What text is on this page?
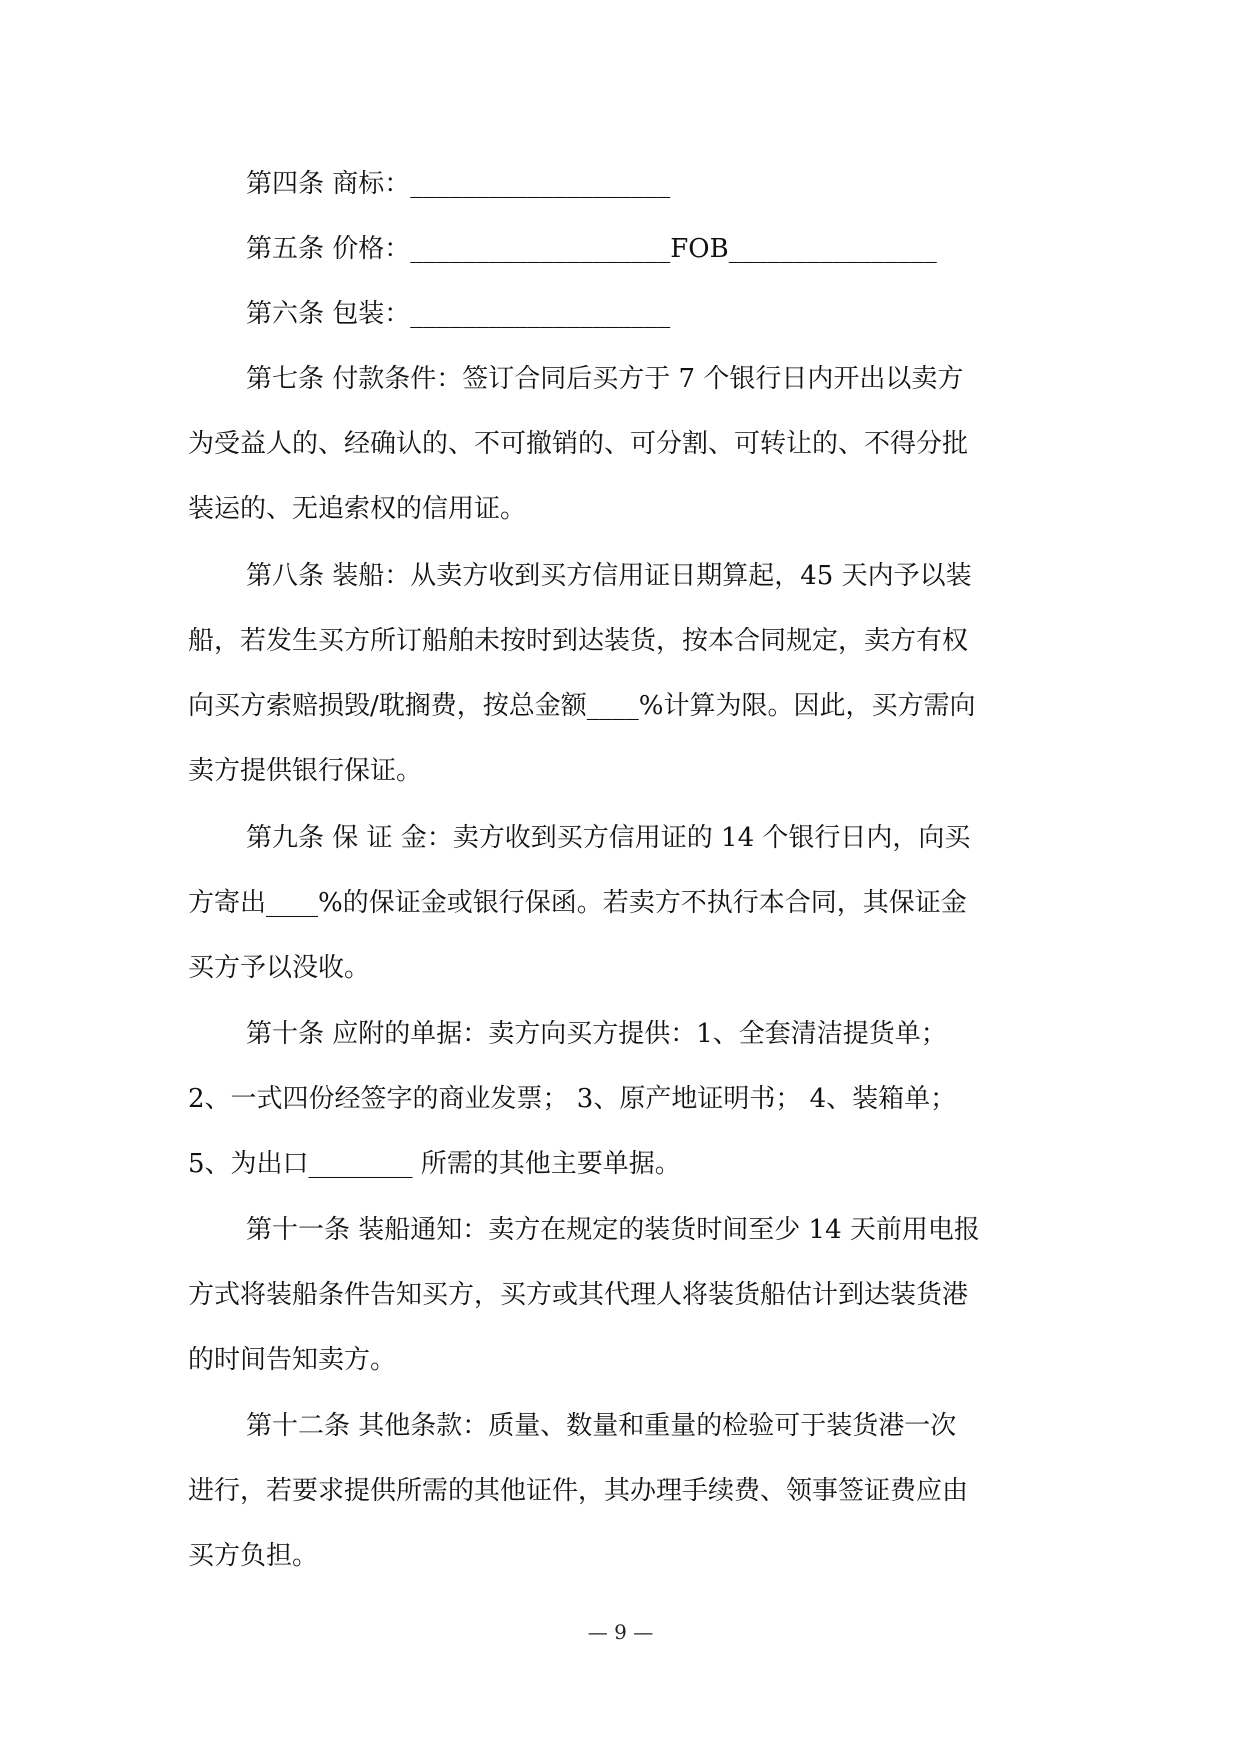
第四条 商标：____________________

第五条 价格：____________________FOB________________

第六条 包装：____________________

第七条 付款条件：签订合同后买方于 7 个银行日内开出以卖方
为受益人的、经确认的、不可撤销的、可分割、可转让的、不得分批
装运的、无追索权的信用证。
第八条 装船：从卖方收到买方信用证日期算起，45 天内予以装
船，若发生买方所订船舶未按时到达装货，按本合同规定，卖方有权
向买方索赔损毁/耽搁费，按总金额____%计算为限。因此，买方需向
卖方提供银行保证。
第九条 保 证 金：卖方收到买方信用证的 14 个银行日内，向买
方寄出____%的保证金或银行保函。若卖方不执行本合同，其保证金
买方予以没收。
第十条 应附的单据：卖方向买方提供：1、全套清洁提货单；
2、一式四份经签字的商业发票； 3、原产地证明书； 4、装箱单；
5、为出口________ 所需的其他主要单据。
第十一条 装船通知：卖方在规定的装货时间至少 14 天前用电报
方式将装船条件告知买方，买方或其代理人将装货船估计到达装货港
的时间告知卖方。
第十二条 其他条款：质量、数量和重量的检验可于装货港一次
进行，若要求提供所需的其他证件，其办理手续费、领事签证费应由
买方负担。
— 9 —
